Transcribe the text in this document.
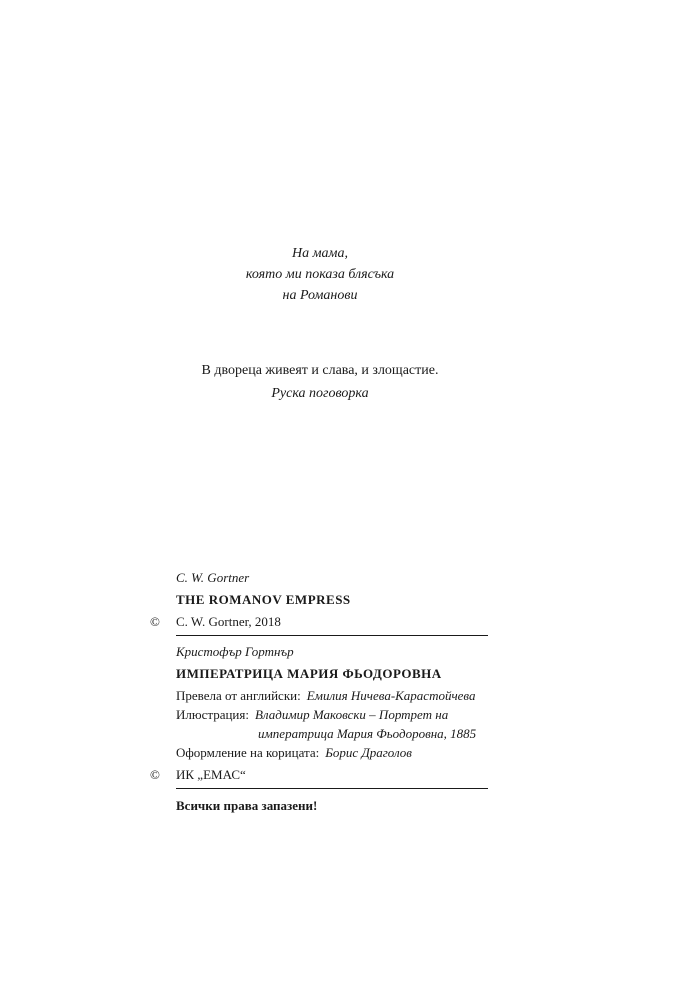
На мама,
която ми показа блясъка
на Романови
В двореца живеят и слава, и злощастие.
Руска поговорка
C. W. Gortner
THE ROMANOV EMPRESS
© C. W. Gortner, 2018
Кристофър Гортнър
ИМПЕРАТРИЦА МАРИЯ ФЬОДОРОВНА
Превела от английски: Емилия Ничева-Карастойчева
Илюстрация: Владимир Маковски – Портрет на
императрица Мария Фьодоровна, 1885
Оформление на корицата: Борис Драголов
© ИК „ЕМАС“
Всички права запазени!
